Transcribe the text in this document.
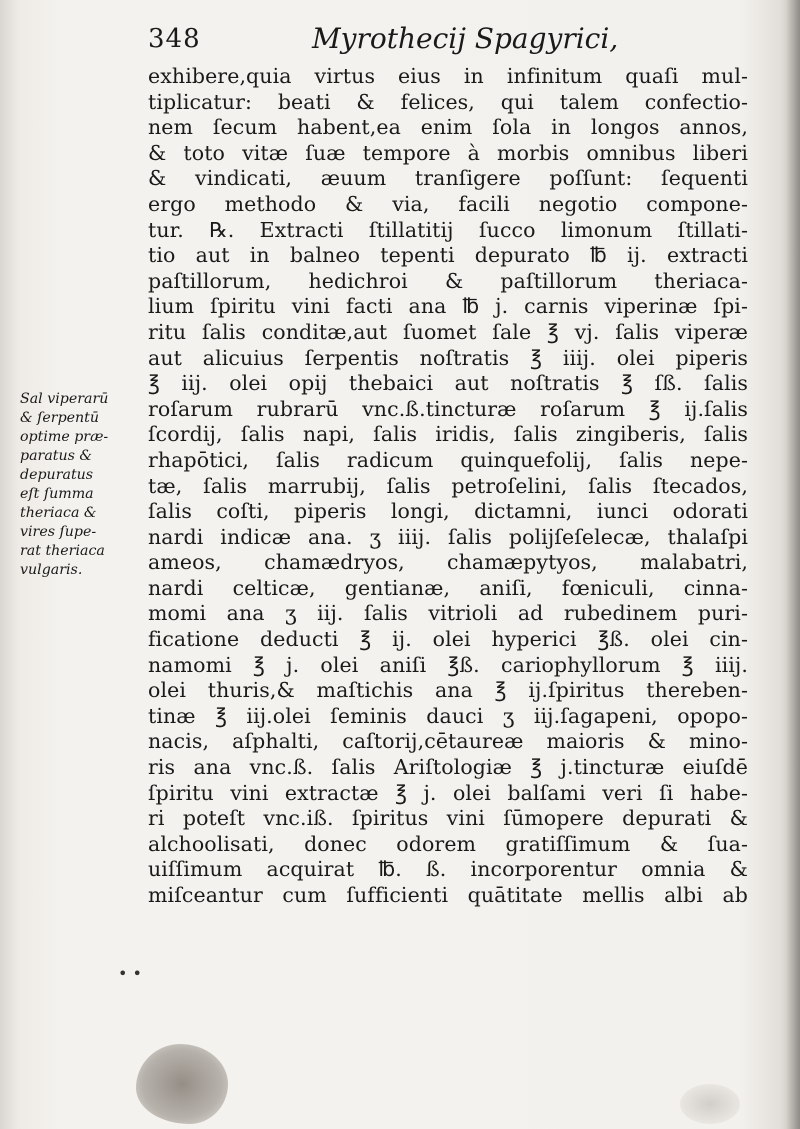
348	Myrothecij Spagyrici,
Sal viperarū
& ſerpentū
optime præ-
paratus &
depuratus
eſt ſumma
theriaca &
vires ſupe-
rat theriaca
vulgaris.
exhibere,quia virtus eius in infinitum quaſi mul-
tiplicatur: beati & felices, qui talem confectio-
nem ſecum habent,ea enim ſola in longos annos,
& toto vitæ ſuæ tempore à morbis omnibus liberi
& vindicati, æuum tranſigere poſſunt: ſequenti
ergo methodo & via, facili negotio compone-
tur. ℞. Extracti ſtillatitij ſucco limonum ſtillati-
tio aut in balneo tepenti depurato ℔ ij. extracti
paſtillorum, hedichroi & paſtillorum theriaca-
lium ſpiritu vini facti ana ℔ j. carnis viperinæ ſpi-
ritu ſalis conditæ,aut ſuomet ſale ℥ vj. ſalis viperæ
aut alicuius ſerpentis noſtratis ℥ iiij. olei piperis
℥ iij. olei opij thebaici aut noſtratis ℥ ſß. ſalis
roſarum rubrarū vnc.ß.tincturæ roſarum ℥ ij.ſalis
ſcordij, ſalis napi, ſalis iridis, ſalis zingiberis, ſalis
rhapōtici, ſalis radicum quinquefolij, ſalis nepe-
tæ, ſalis marrubij, ſalis petroſelini, ſalis ſtecados,
ſalis coſti, piperis longi, dictamni, iunci odorati
nardi indicæ ana. ʒ iiij. ſalis polijſeſelecæ, thalaſpi
ameos, chamædryos, chamæpytyos, malabatri,
nardi celticæ, gentianæ, aniſi, fœniculi, cinna-
momi ana ʒ iij. ſalis vitrioli ad rubedinem puri-
ficatione deducti ℥ ij. olei hyperici ℥ß. olei cin-
namomi ℥ j. olei aniſi ℥ß. cariophyllorum ℥ iiij.
olei thuris,& maſtichis ana ℥ ij.ſpiritus thereben-
tinæ ℥ iij.olei ſeminis dauci ʒ iij.ſagapeni, opopo-
nacis, aſphalti, caſtorij,cētaureæ maioris & mino-
ris ana vnc.ß. ſalis Ariſtologiæ ℥ j.tincturæ eiuſdē
ſpiritu vini extractæ ℥ j. olei balſami veri ſi habe-
ri poteſt vnc.iß. ſpiritus vini ſūmopere depurati &
alchoolisati, donec odorem gratiſſimum & ſua-
uiſſimum acquirat ℔. ß. incorporentur omnia &
miſceantur cum ſufficienti quātitate mellis albi ab
• •
